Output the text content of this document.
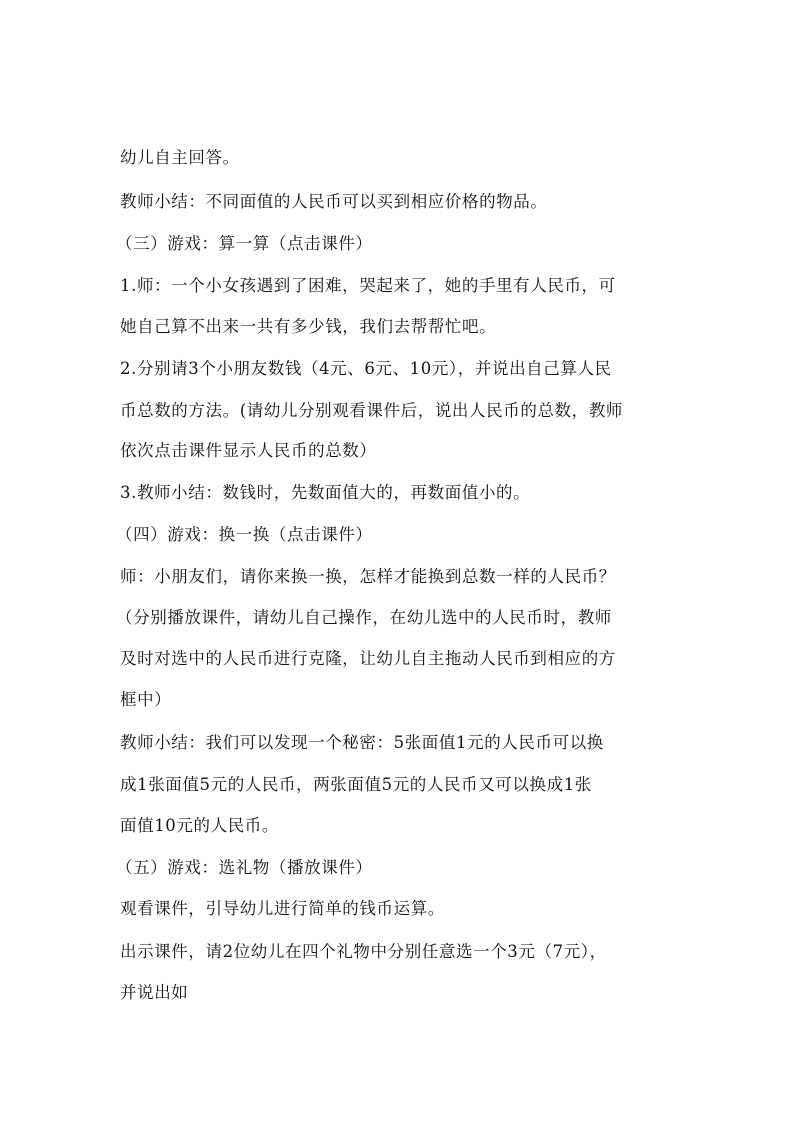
幼儿自主回答。
教师小结：不同面值的人民币可以买到相应价格的物品。
（三）游戏：算一算（点击课件）
1.师：一个小女孩遇到了困难，哭起来了，她的手里有人民币，可
她自己算不出来一共有多少钱，我们去帮帮忙吧。
2.分别请3个小朋友数钱（4元、6元、10元），并说出自己算人民
币总数的方法。(请幼儿分别观看课件后，说出人民币的总数，教师
依次点击课件显示人民币的总数）
3.教师小结：数钱时，先数面值大的，再数面值小的。
（四）游戏：换一换（点击课件）
师：小朋友们，请你来换一换，怎样才能换到总数一样的人民币？
（分别播放课件，请幼儿自己操作，在幼儿选中的人民币时，教师
及时对选中的人民币进行克隆，让幼儿自主拖动人民币到相应的方
框中）
教师小结：我们可以发现一个秘密：5张面值1元的人民币可以换
成1张面值5元的人民币，两张面值5元的人民币又可以换成1张
面值10元的人民币。
（五）游戏：选礼物（播放课件）
观看课件，引导幼儿进行简单的钱币运算。
出示课件，请2位幼儿在四个礼物中分别任意选一个3元（7元），
并说出如
